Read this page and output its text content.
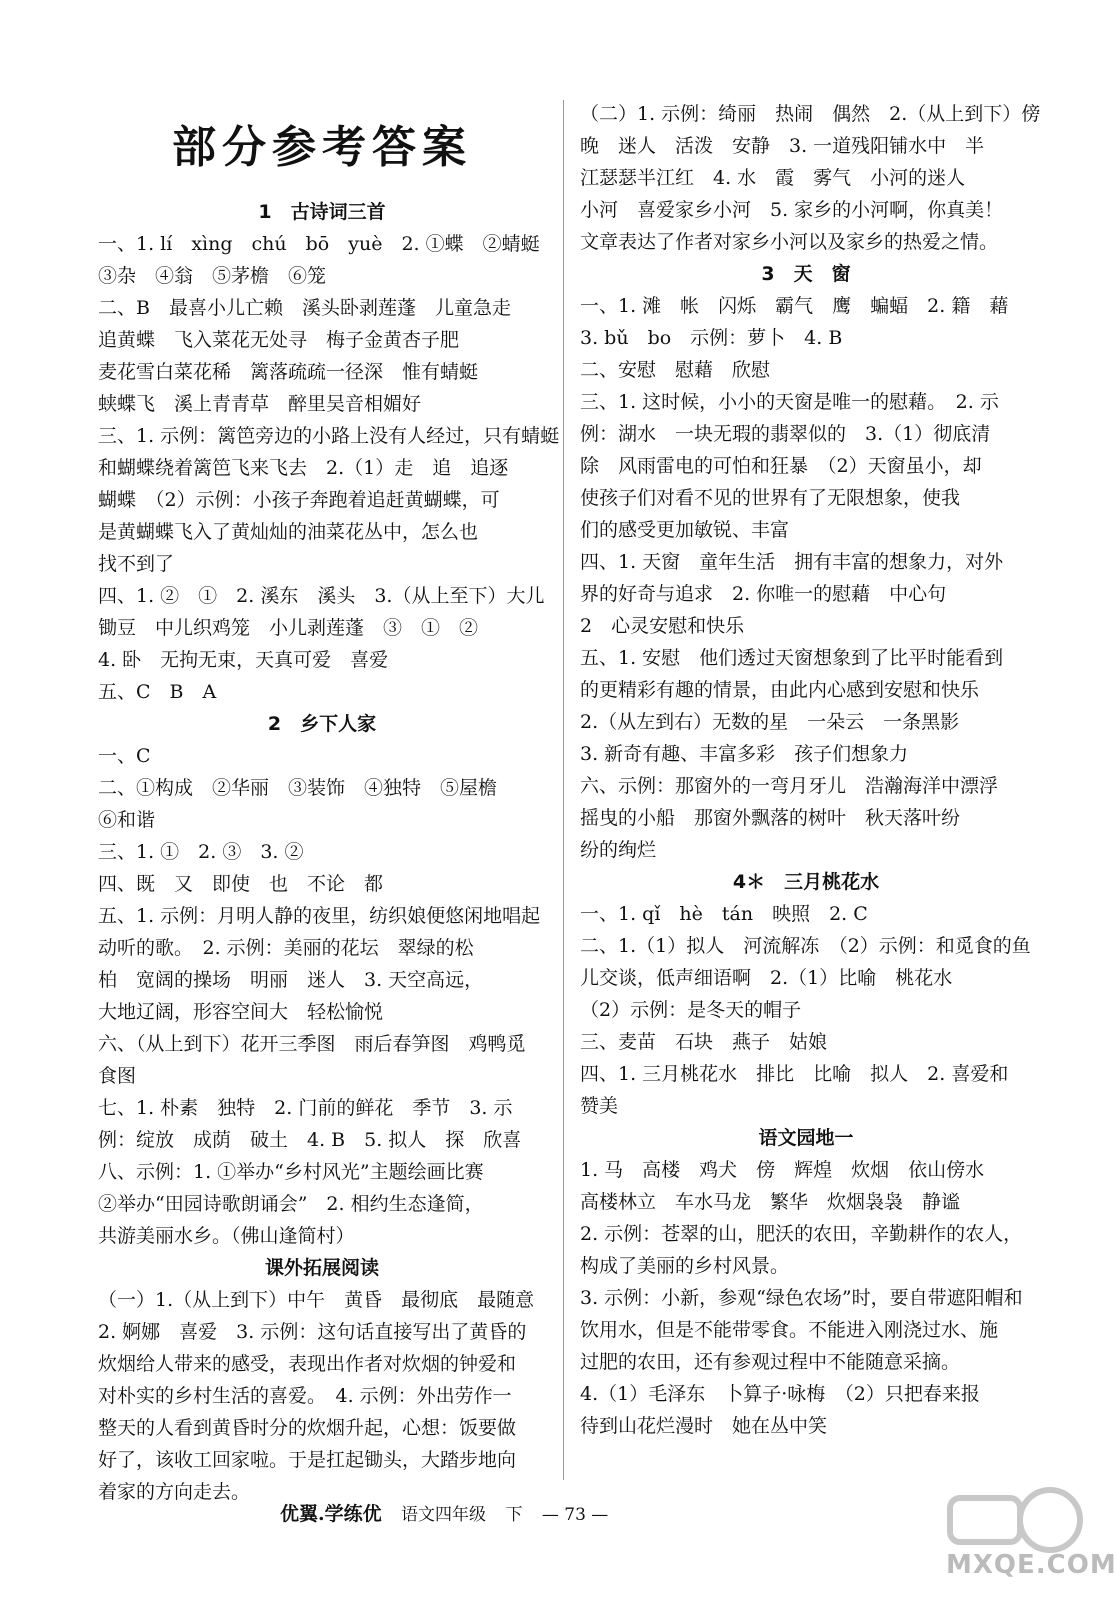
部分参考答案
1　古诗词三首
一、1. lí　xìng　chú　bō　yuè　2. ①蝶　②蜻蜓
③杂　④翁　⑤茅檐　⑥笼
二、B　最喜小儿亡赖　溪头卧剥莲蓬　儿童急走
追黄蝶　飞入菜花无处寻　梅子金黄杏子肥
麦花雪白菜花稀　篱落疏疏一径深　惟有蜻蜓
蛱蝶飞　溪上青青草　醉里吴音相媚好
三、1. 示例：篱笆旁边的小路上没有人经过，只有蜻蜓
和蝴蝶绕着篱笆飞来飞去　2.（1）走　追　追逐
蝴蝶　（2）示例：小孩子奔跑着追赶黄蝴蝶，可
是黄蝴蝶飞入了黄灿灿的油菜花丛中，怎么也
找不到了
四、1. ②　①　2. 溪东　溪头　3.（从上至下）大儿
锄豆　中儿织鸡笼　小儿剥莲蓬　③　①　②
4. 卧　无拘无束，天真可爱　喜爱
五、C　B　A
2　乡下人家
一、C
二、①构成　②华丽　③装饰　④独特　⑤屋檐
⑥和谐
三、1. ①　2. ③　3. ②
四、既　又　即使　也　不论　都
五、1. 示例：月明人静的夜里，纺织娘便悠闲地唱起
动听的歌。　2. 示例：美丽的花坛　翠绿的松
柏　宽阔的操场　明丽　迷人　3. 天空高远，
大地辽阔，形容空间大　轻松愉悦
六、（从上到下）花开三季图　雨后春笋图　鸡鸭觅
食图
七、1. 朴素　独特　2. 门前的鲜花　季节　3. 示
例：绽放　成荫　破土　4. B　5. 拟人　探　欣喜
八、示例：1. ①举办“乡村风光”主题绘画比赛
②举办“田园诗歌朗诵会”　2. 相约生态逢简，
共游美丽水乡。（佛山逢简村）
课外拓展阅读
（一）1.（从上到下）中午　黄昏　最彻底　最随意
2. 婀娜　喜爱　3. 示例：这句话直接写出了黄昏的
炊烟给人带来的感受，表现出作者对炊烟的钟爱和
对朴实的乡村生活的喜爱。　4. 示例：外出劳作一
整天的人看到黄昏时分的炊烟升起，心想：饭要做
好了，该收工回家啦。于是扛起锄头，大踏步地向
着家的方向走去。
（二）1. 示例：绮丽　热闹　偶然　2.（从上到下）傍
晚　迷人　活泼　安静　3. 一道残阳铺水中　半
江瑟瑟半江红　4. 水　霞　雾气　小河的迷人
小河　喜爱家乡小河　5. 家乡的小河啊，你真美！
文章表达了作者对家乡小河以及家乡的热爱之情。
3　天　窗
一、1. 滩　帐　闪烁　霸气　鹰　蝙蝠　2. 籍　藉
3. bǔ　bo　示例：萝卜　4. B
二、安慰　慰藉　欣慰
三、1. 这时候，小小的天窗是唯一的慰藉。　2. 示
例：湖水　一块无瑕的翡翠似的　3.（1）彻底清
除　风雨雷电的可怕和狂暴　（2）天窗虽小，却
使孩子们对看不见的世界有了无限想象，使我
们的感受更加敏锐、丰富
四、1. 天窗　童年生活　拥有丰富的想象力，对外
界的好奇与追求　2. 你唯一的慰藉　中心句
2　心灵安慰和快乐
五、1. 安慰　他们透过天窗想象到了比平时能看到
的更精彩有趣的情景，由此内心感到安慰和快乐
2.（从左到右）无数的星　一朵云　一条黑影
3. 新奇有趣、丰富多彩　孩子们想象力
六、示例：那窗外的一弯月牙儿　浩瀚海洋中漂浮
摇曳的小船　那窗外飘落的树叶　秋天落叶纷
纷的绚烂
4＊　三月桃花水
一、1. qǐ　hè　tán　映照　2. C
二、1.（1）拟人　河流解冻　（2）示例：和觅食的鱼
儿交谈，低声细语啊　2.（1）比喻　桃花水
（2）示例：是冬天的帽子
三、麦苗　石块　燕子　姑娘
四、1. 三月桃花水　排比　比喻　拟人　2. 喜爱和
赞美
语文园地一
1. 马　高楼　鸡犬　傍　辉煌　炊烟　依山傍水
高楼林立　车水马龙　繁华　炊烟袅袅　静谧
2. 示例：苍翠的山，肥沃的农田，辛勤耕作的农人，
构成了美丽的乡村风景。
3. 示例：小新，参观“绿色农场”时，要自带遮阳帽和
饮用水，但是不能带零食。不能进入刚浇过水、施
过肥的农田，还有参观过程中不能随意采摘。
4.（1）毛泽东　卜算子·咏梅　（2）只把春来报
待到山花烂漫时　她在丛中笑
优翼.学练优 语文四年级 下 — 73 —
MXQE.COM
